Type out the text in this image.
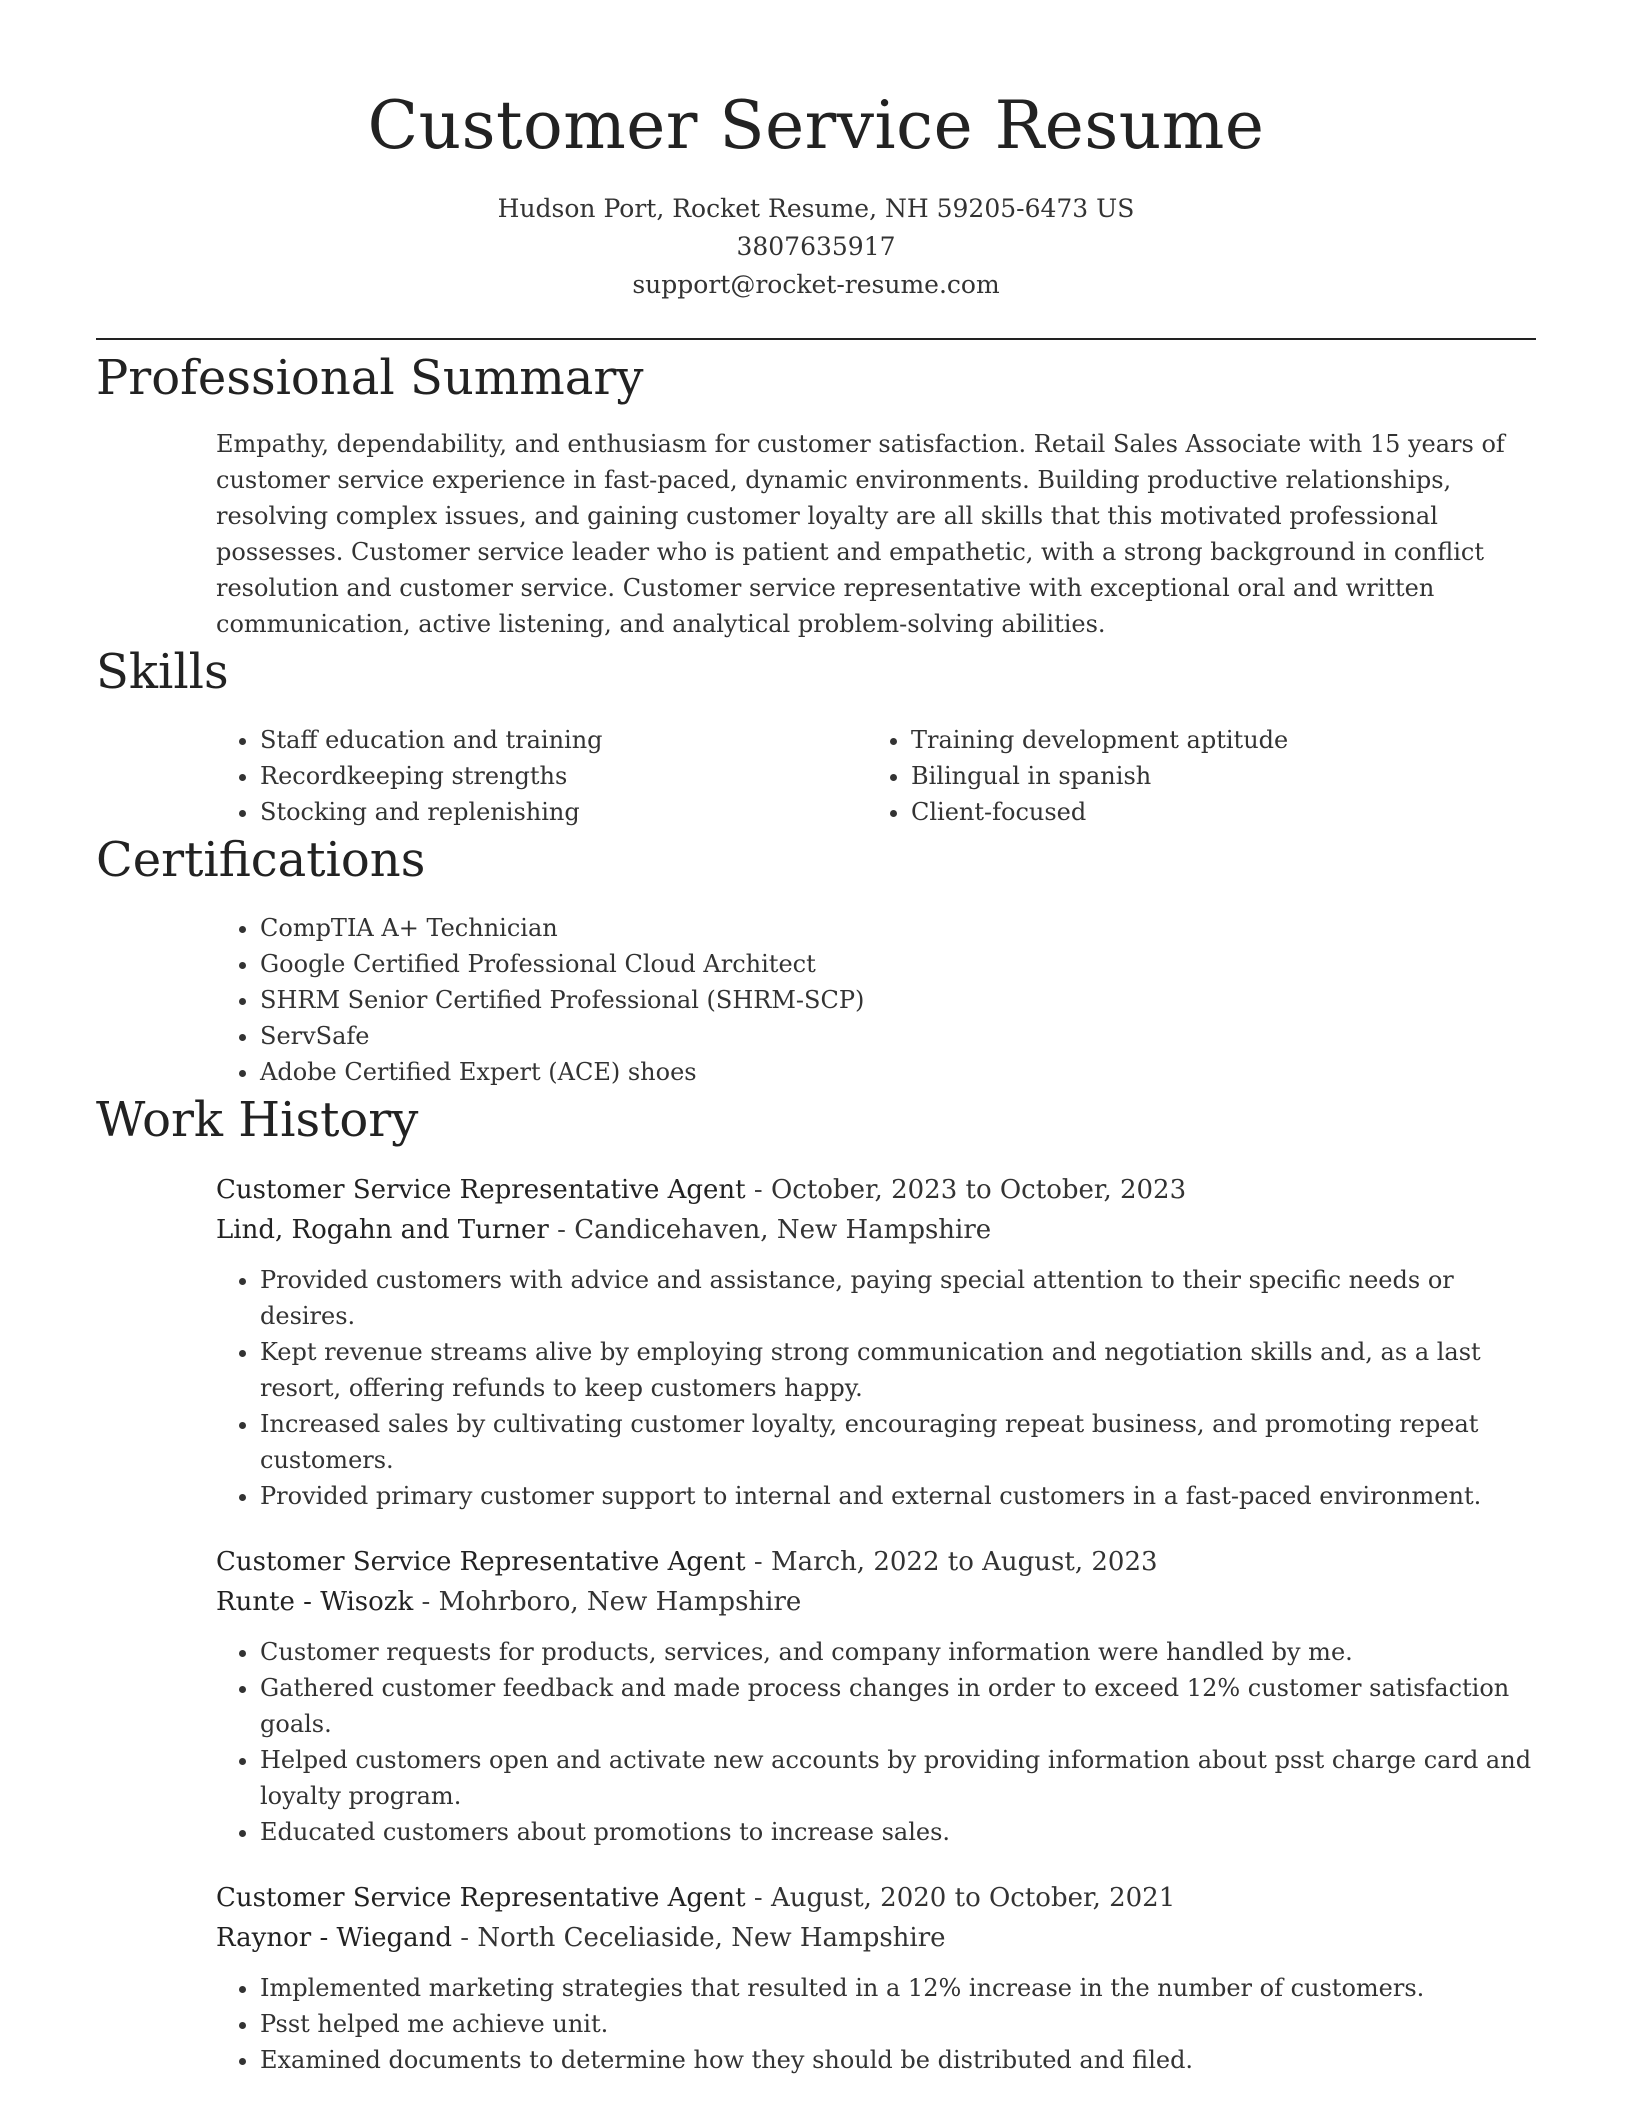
Customer Service Resume
Hudson Port, Rocket Resume, NH 59205-6473 US
3807635917
support@rocket-resume.com
Professional Summary

Empathy, dependability, and enthusiasm for customer satisfaction. Retail Sales Associate with 15 years of customer service experience in fast-paced, dynamic environments. Building productive relationships, resolving complex issues, and gaining customer loyalty are all skills that this motivated professional possesses. Customer service leader who is patient and empathetic, with a strong background in conflict resolution and customer service. Customer service representative with exceptional oral and written communication, active listening, and analytical problem-solving abilities.

Skills
• Staff education and training
• Recordkeeping strengths
• Stocking and replenishing
• Training development aptitude
• Bilingual in spanish
• Client-focused
Certifications
• CompTIA A+ Technician
• Google Certified Professional Cloud Architect
• SHRM Senior Certified Professional (SHRM-SCP)
• ServSafe
• Adobe Certified Expert (ACE) shoes
Work History
Customer Service Representative Agent - October, 2023 to October, 2023
Lind, Rogahn and Turner - Candicehaven, New Hampshire
• Provided customers with advice and assistance, paying special attention to their specific needs or desires.
• Kept revenue streams alive by employing strong communication and negotiation skills and, as a last resort, offering refunds to keep customers happy.
• Increased sales by cultivating customer loyalty, encouraging repeat business, and promoting repeat customers.
• Provided primary customer support to internal and external customers in a fast-paced environment.
Customer Service Representative Agent - March, 2022 to August, 2023
Runte - Wisozk - Mohrboro, New Hampshire
• Customer requests for products, services, and company information were handled by me.
• Gathered customer feedback and made process changes in order to exceed 12% customer satisfaction goals.
• Helped customers open and activate new accounts by providing information about psst charge card and loyalty program.
• Educated customers about promotions to increase sales.
Customer Service Representative Agent - August, 2020 to October, 2021
Raynor - Wiegand - North Ceceliaside, New Hampshire
• Implemented marketing strategies that resulted in a 12% increase in the number of customers.
• Psst helped me achieve unit.
• Examined documents to determine how they should be distributed and filed.
